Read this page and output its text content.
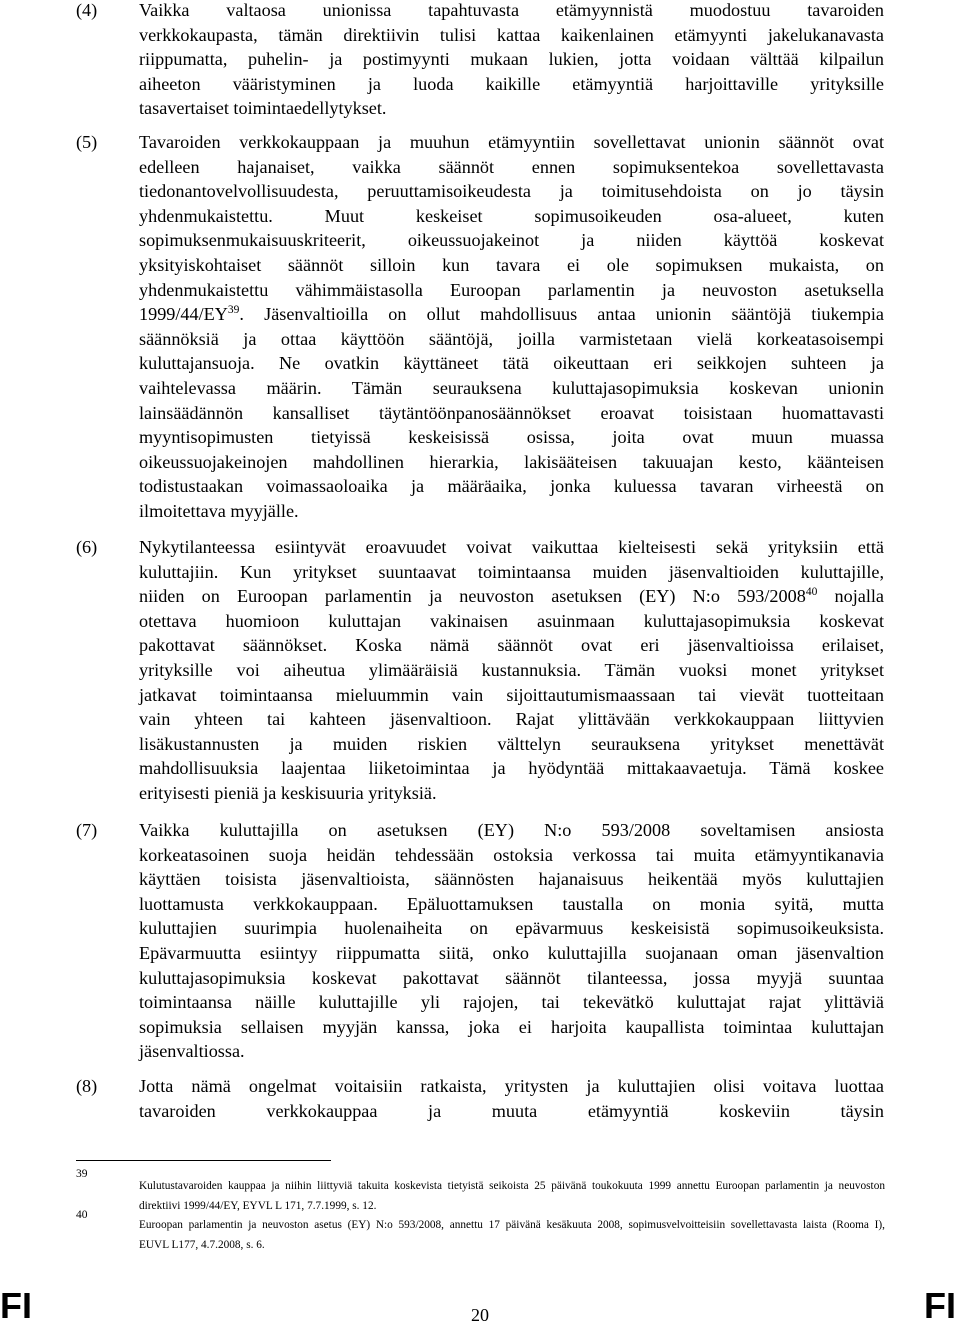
(4) Vaikka valtaosa unionissa tapahtuvasta etämyynnistä muodostuu tavaroiden
verkkokaupasta, tämän direktiivin tulisi kattaa kaikenlainen etämyynti jakelukanavasta
riippumatta, puhelin- ja postimyynti mukaan lukien, jotta voidaan välttää kilpailun
aiheeton vääristyminen ja luoda kaikille etämyyntiä harjoittaville yrityksille
tasavertaiset toimintaedellytykset.
(5) Tavaroiden verkkokauppaan ja muuhun etämyyntiin sovellettavat unionin säännöt ovat
edelleen hajanaiset, vaikka säännöt ennen sopimuksentekoa sovellettavasta
tiedonantovelvollisuudesta, peruuttamisoikeudesta ja toimitusehdoista on jo täysin
yhdenmukaistettu. Muut keskeiset sopimusoikeuden osa-alueet, kuten
sopimuksenmukaisuuskriteerit, oikeussuojakeinot ja niiden käyttöä koskevat
yksityiskohtaiset säännöt silloin kun tavara ei ole sopimuksen mukaista, on
yhdenmukaistettu vähimmäistasolla Euroopan parlamentin ja neuvoston asetuksella
1999/44/EY$^{39}$. Jäsenvaltioilla on ollut mahdollisuus antaa unionin sääntöjä tiukempia
säännöksiä ja ottaa käyttöön sääntöjä, joilla varmistetaan vielä korkeatasoisempi
kuluttajansuoja. Ne ovatkin käyttäneet tätä oikeuttaan eri seikkojen suhteen ja
vaihtelevassa määrin. Tämän seurauksena kuluttajasopimuksia koskevan unionin
lainsäädännön kansalliset täytäntöönpanosäännökset eroavat toisistaan huomattavasti
myyntisopimusten tietyissä keskeisissä osissa, joita ovat muun muassa
oikeussuojakeinojen mahdollinen hierarkia, lakisääteisen takuuajan kesto, käänteisen
todistustaakan voimassaoloaika ja määräaika, jonka kuluessa tavaran virheestä on
ilmoitettava myyjälle.
(6) Nykytilanteessa esiintyvät eroavuudet voivat vaikuttaa kielteisesti sekä yrityksiin että
kuluttajiin. Kun yritykset suuntaavat toimintaansa muiden jäsenvaltioiden kuluttajille,
niiden on Euroopan parlamentin ja neuvoston asetuksen (EY) N:o 593/2008$^{40}$ nojalla
otettava huomioon kuluttajan vakinaisen asuinmaan kuluttajasopimuksia koskevat
pakottavat säännökset. Koska nämä säännöt ovat eri jäsenvaltioissa erilaiset,
yrityksille voi aiheutua ylimääräisiä kustannuksia. Tämän vuoksi monet yritykset
jatkavat toimintaansa mieluummin vain sijoittautumismaassaan tai vievät tuotteitaan
vain yhteen tai kahteen jäsenvaltioon. Rajat ylittävään verkkokauppaan liittyvien
lisäkustannusten ja muiden riskien välttelyn seurauksena yritykset menettävät
mahdollisuuksia laajentaa liiketoimintaa ja hyödyntää mittakaavaetuja. Tämä koskee
erityisesti pieniä ja keskisuuria yrityksiä.
(7) Vaikka kuluttajilla on asetuksen (EY) N:o 593/2008 soveltamisen ansiosta
korkeatasoinen suoja heidän tehdessään ostoksia verkossa tai muita etämyyntikanavia
käyttäen toisista jäsenvaltioista, säännösten hajanaisuus heikentää myös kuluttajien
luottamusta verkkokauppaan. Epäluottamuksen taustalla on monia syitä, mutta
kuluttajien suurimpia huolenaiheita on epävarmuus keskeisistä sopimusoikeuksista.
Epävarmuutta esiintyy riippumatta siitä, onko kuluttajilla suojanaan oman jäsenvaltion
kuluttajasopimuksia koskevat pakottavat säännöt tilanteessa, jossa myyjä suuntaa
toimintaansa näille kuluttajille yli rajojen, tai tekevätkö kuluttajat rajat ylittäviä
sopimuksia sellaisen myyjän kanssa, joka ei harjoita kaupallista toimintaa kuluttajan
jäsenvaltiossa.
(8) Jotta nämä ongelmat voitaisiin ratkaista, yritysten ja kuluttajien olisi voitava luottaa
tavaroiden verkkokauppaa ja muuta etämyyntiä koskeviin täysin
39
Kulutustavaroiden kauppaa ja niihin liittyviä takuita koskevista tietyistä seikoista 25 päivänä toukokuuta 1999 annettu Euroopan parlamentin ja neuvoston
direktiivi 1999/44/EY, EYVL L 171, 7.7.1999, s. 12.
40
Euroopan parlamentin ja neuvoston asetus (EY) N:o 593/2008, annettu 17 päivänä kesäkuuta 2008, sopimusvelvoitteisiin sovellettavasta laista (Rooma I),
EUVL L177, 4.7.2008, s. 6.
FI	20	FI
